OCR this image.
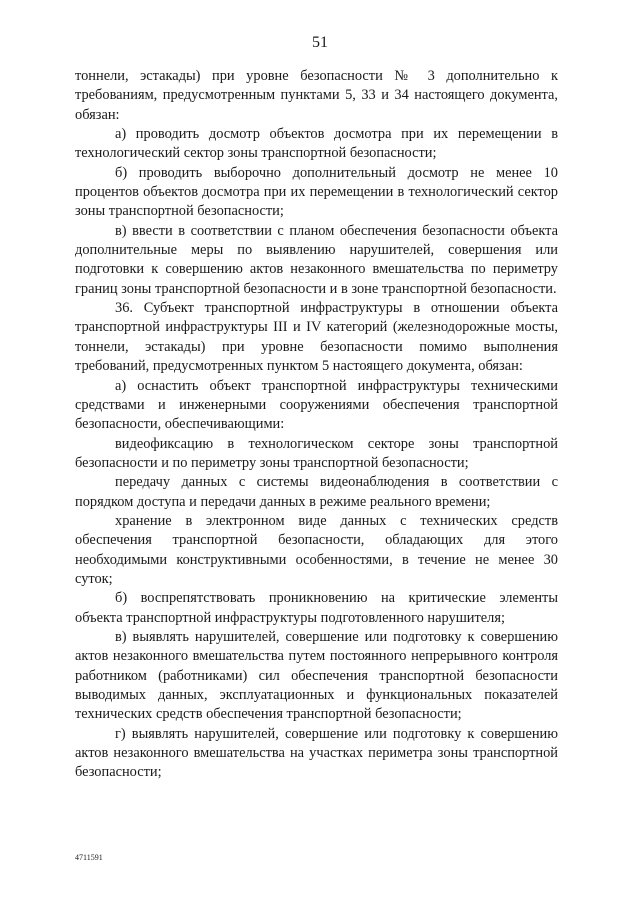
51

тоннели, эстакады) при уровне безопасности № 3 дополнительно к требованиям, предусмотренным пунктами 5, 33 и 34 настоящего документа, обязан:

а) проводить досмотр объектов досмотра при их перемещении в технологический сектор зоны транспортной безопасности;

б) проводить выборочно дополнительный досмотр не менее 10 процентов объектов досмотра при их перемещении в технологический сектор зоны транспортной безопасности;

в) ввести в соответствии с планом обеспечения безопасности объекта дополнительные меры по выявлению нарушителей, совершения или подготовки к совершению актов незаконного вмешательства по периметру границ зоны транспортной безопасности и в зоне транспортной безопасности.

36. Субъект транспортной инфраструктуры в отношении объекта транспортной инфраструктуры III и IV категорий (железнодорожные мосты, тоннели, эстакады) при уровне безопасности помимо выполнения требований, предусмотренных пунктом 5 настоящего документа, обязан:

а) оснастить объект транспортной инфраструктуры техническими средствами и инженерными сооружениями обеспечения транспортной безопасности, обеспечивающими:

видеофиксацию в технологическом секторе зоны транспортной безопасности и по периметру зоны транспортной безопасности;

передачу данных с системы видеонаблюдения в соответствии с порядком доступа и передачи данных в режиме реального времени;

хранение в электронном виде данных с технических средств обеспечения транспортной безопасности, обладающих для этого необходимыми конструктивными особенностями, в течение не менее 30 суток;

б) воспрепятствовать проникновению на критические элементы объекта транспортной инфраструктуры подготовленного нарушителя;

в) выявлять нарушителей, совершение или подготовку к совершению актов незаконного вмешательства путем постоянного непрерывного контроля работником (работниками) сил обеспечения транспортной безопасности выводимых данных, эксплуатационных и функциональных показателей технических средств обеспечения транспортной безопасности;

г) выявлять нарушителей, совершение или подготовку к совершению актов незаконного вмешательства на участках периметра зоны транспортной безопасности;

4711591
